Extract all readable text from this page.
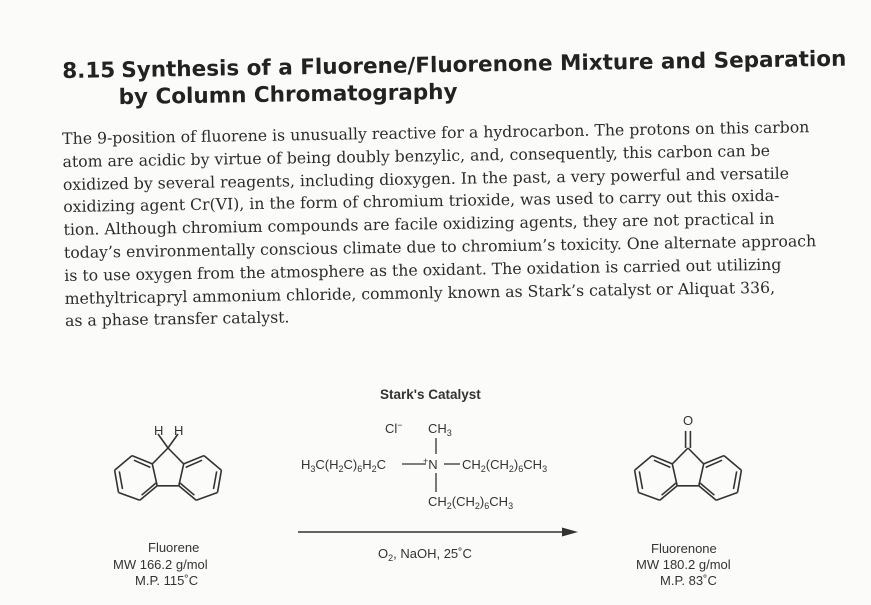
8.15 Synthesis of a Fluorene/Fluorenone Mixture and Separation
by Column Chromatography
The 9-position of fluorene is unusually reactive for a hydrocarbon. The protons on this carbon
atom are acidic by virtue of being doubly benzylic, and, consequently, this carbon can be
oxidized by several reagents, including dioxygen. In the past, a very powerful and versatile
oxidizing agent Cr(VI), in the form of chromium trioxide, was used to carry out this oxida-
tion. Although chromium compounds are facile oxidizing agents, they are not practical in
today’s environmentally conscious climate due to chromium’s toxicity. One alternate approach
is to use oxygen from the atmosphere as the oxidant. The oxidation is carried out utilizing
methyltricapryl ammonium chloride, commonly known as Stark’s catalyst or Aliquat 336,
as a phase transfer catalyst.
Stark's Catalyst
H H
Fluorene
MW 166.2 g/mol
M.P. 115˚C
Cl− $CH_3$
$H_3C(H_2C)_6H_2C$	+N $CH_2(CH_2)_6CH_3$
$CH_2(CH_2)_6CH_3$
$O_2$, NaOH, 25˚C
O
Fluorenone
MW 180.2 g/mol
M.P. 83˚C
